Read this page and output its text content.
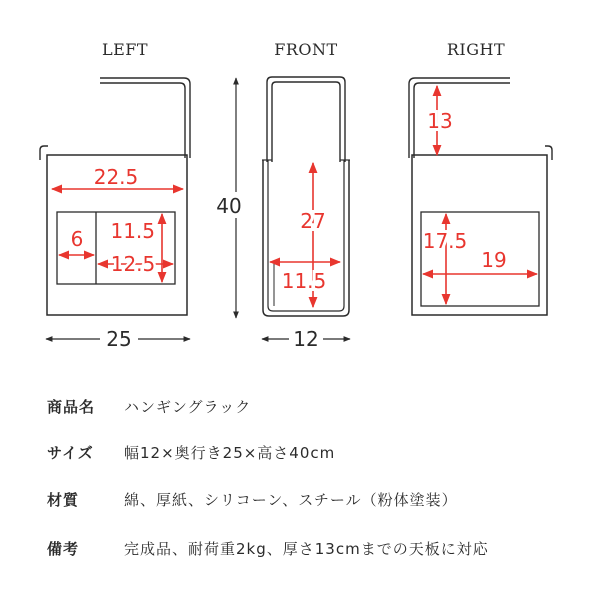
LEFT
22.5
6 11.5
12.5
25
FRONT
40
27
11.5
12
RIGHT
13
17.5
19
商品名 ハンギングラック
サイズ 幅12×奥行き25×高さ40cm
材質	綿、厚紙、シリコーン、スチール（粉体塗装）
備考	完成品、耐荷重2kg、厚さ13cmまでの天板に対応
